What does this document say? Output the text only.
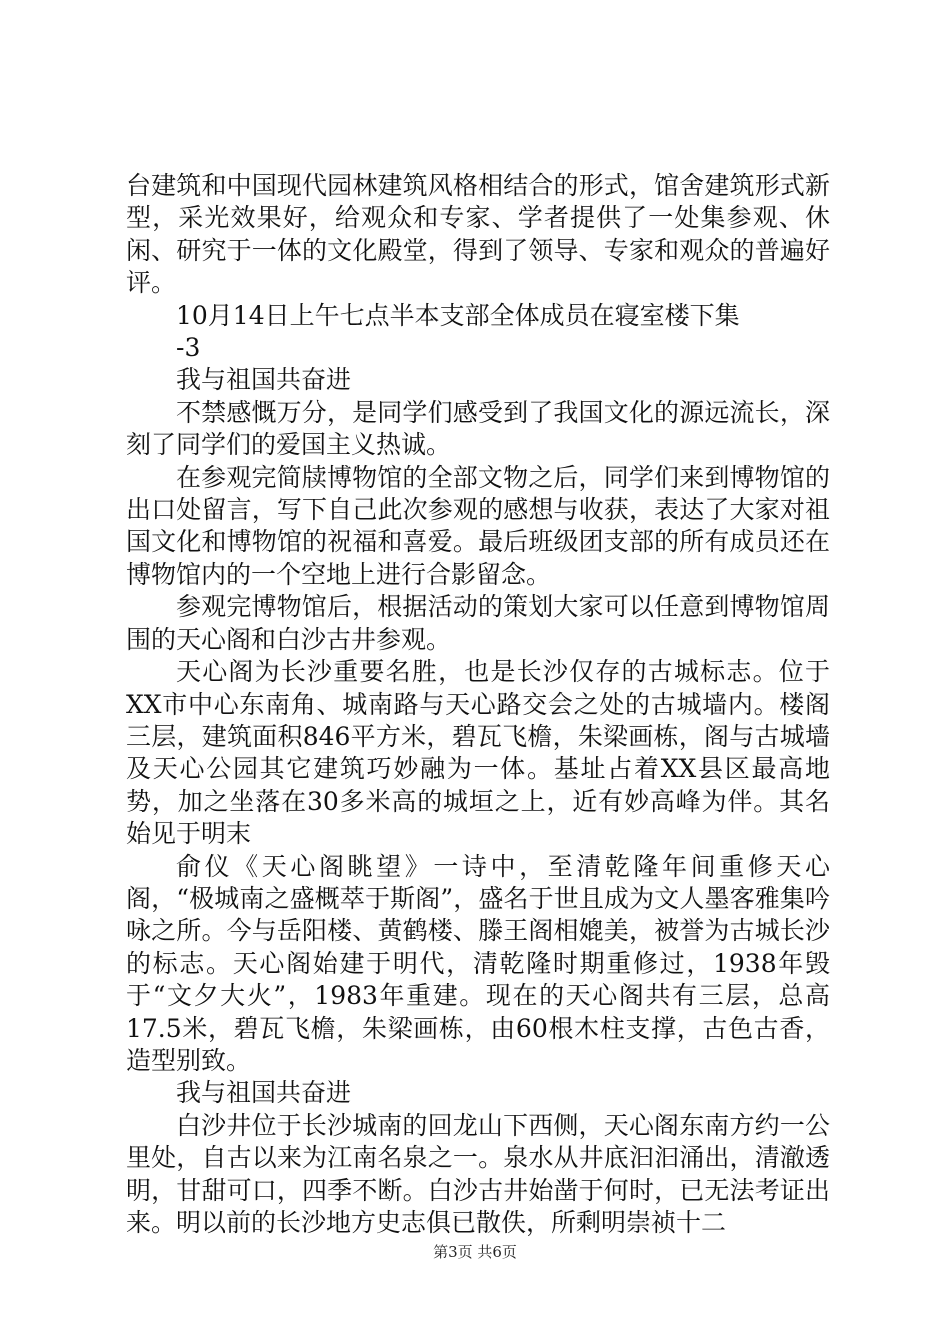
台建筑和中国现代园林建筑风格相结合的形式，馆舍建筑形式新型，采光效果好，给观众和专家、学者提供了一处集参观、休闲、研究于一体的文化殿堂，得到了领导、专家和观众的普遍好评。

10月14日上午七点半本支部全体成员在寝室楼下集

-3

我与祖国共奋进

不禁感慨万分，是同学们感受到了我国文化的源远流长，深刻了同学们的爱国主义热诚。

在参观完简牍博物馆的全部文物之后，同学们来到博物馆的出口处留言，写下自己此次参观的感想与收获，表达了大家对祖国文化和博物馆的祝福和喜爱。最后班级团支部的所有成员还在博物馆内的一个空地上进行合影留念。

参观完博物馆后，根据活动的策划大家可以任意到博物馆周围的天心阁和白沙古井参观。

天心阁为长沙重要名胜，也是长沙仅存的古城标志。位于XX市中心东南角、城南路与天心路交会之处的古城墙内。楼阁三层，建筑面积846平方米，碧瓦飞檐，朱梁画栋，阁与古城墙及天心公园其它建筑巧妙融为一体。基址占着XX县区最高地势，加之坐落在30多米高的城垣之上，近有妙高峰为伴。其名始见于明末

俞仪《天心阁眺望》一诗中，至清乾隆年间重修天心阁，“极城南之盛概萃于斯阁”，盛名于世且成为文人墨客雅集吟咏之所。今与岳阳楼、黄鹤楼、滕王阁相媲美，被誉为古城长沙的标志。天心阁始建于明代，清乾隆时期重修过，1938年毁于“文夕大火”，1983年重建。现在的天心阁共有三层，总高17.5米，碧瓦飞檐，朱梁画栋，由60根木柱支撑，古色古香，造型别致。

我与祖国共奋进

白沙井位于长沙城南的回龙山下西侧，天心阁东南方约一公里处，自古以来为江南名泉之一。泉水从井底汩汩涌出，清澈透明，甘甜可口，四季不断。白沙古井始凿于何时，已无法考证出来。明以前的长沙地方史志俱已散佚，所剩明崇祯十二

第3页 共6页
